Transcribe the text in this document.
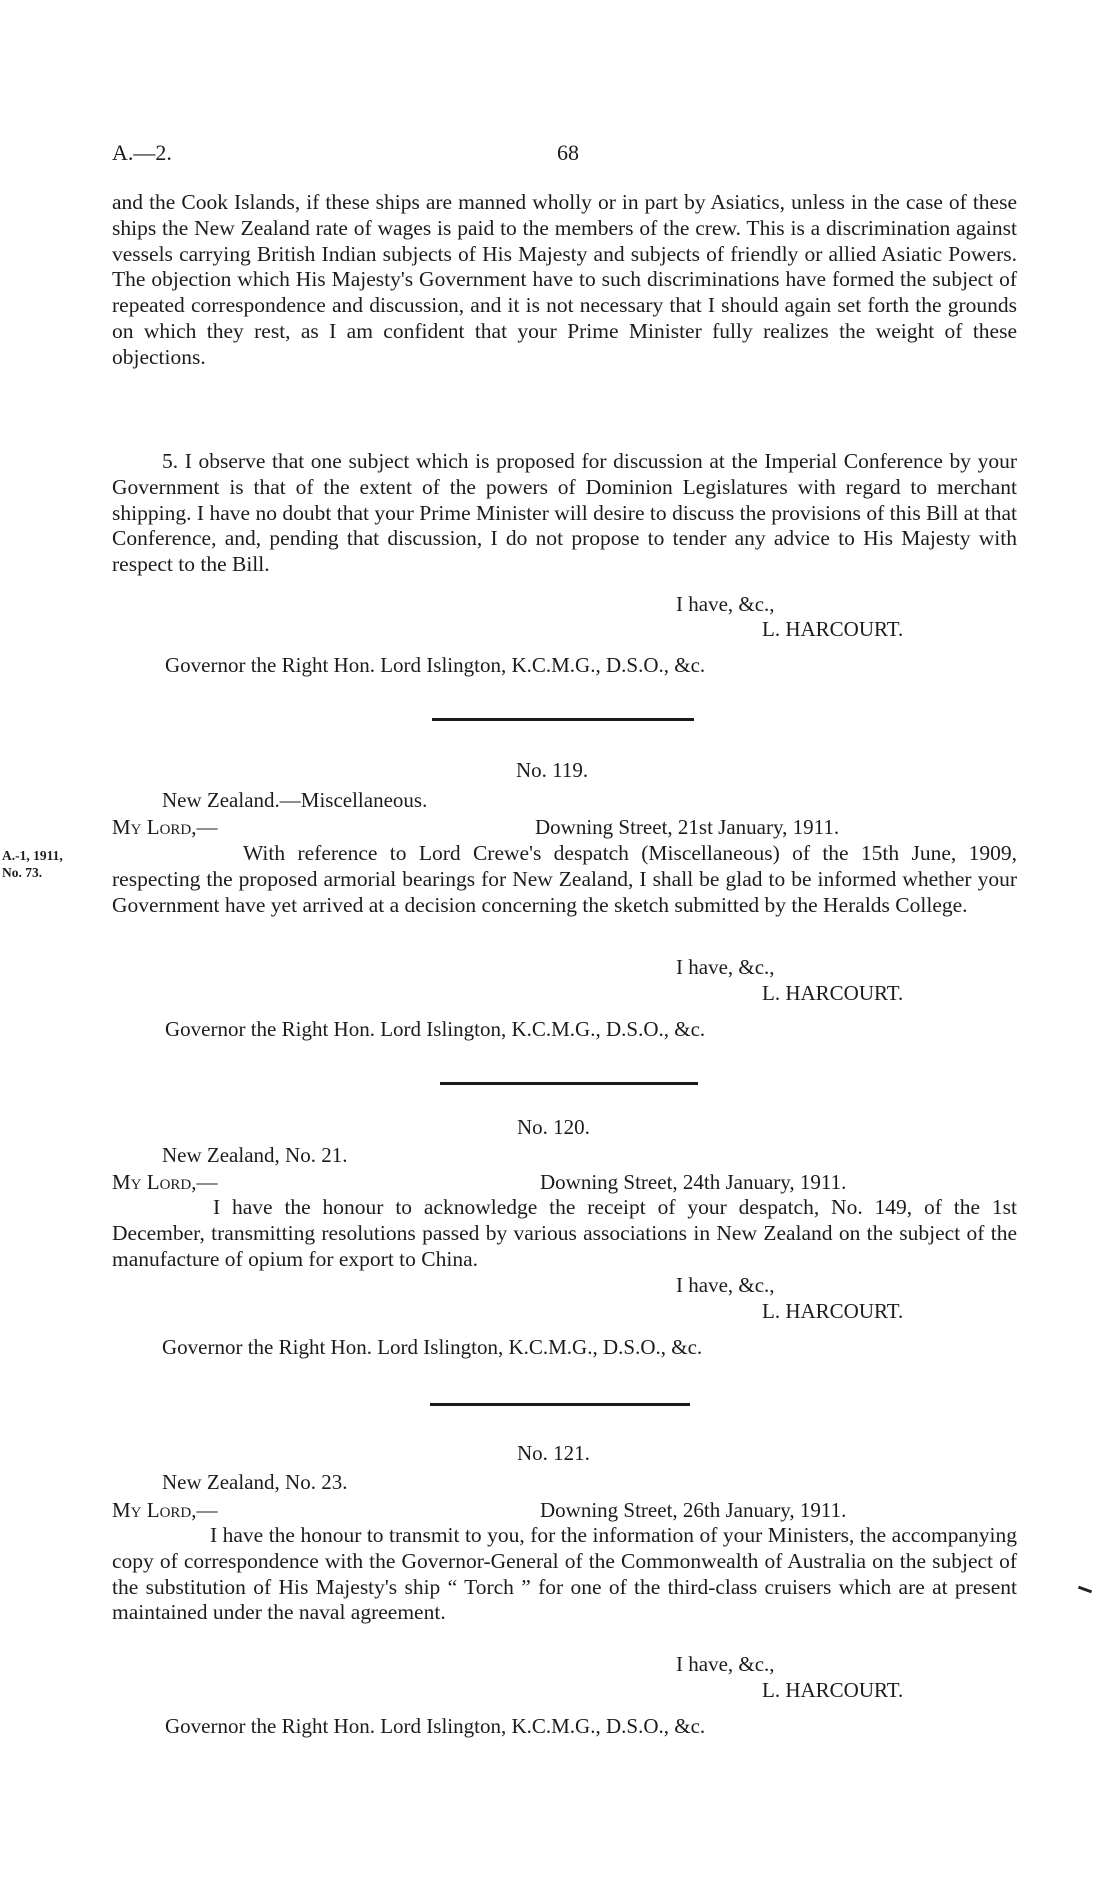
A.—2.	68

and the Cook Islands, if these ships are manned wholly or in part by Asiatics, unless in the case of these ships the New Zealand rate of wages is paid to the members of the crew. This is a discrimination against vessels carrying British Indian subjects of His Majesty and subjects of friendly or allied Asiatic Powers. The objection which His Majesty's Government have to such discriminations have formed the subject of repeated correspondence and discussion, and it is not necessary that I should again set forth the grounds on which they rest, as I am confident that your Prime Minister fully realizes the weight of these objections.

5. I observe that one subject which is proposed for discussion at the Imperial Conference by your Government is that of the extent of the powers of Dominion Legislatures with regard to merchant shipping. I have no doubt that your Prime Minister will desire to discuss the provisions of this Bill at that Conference, and, pending that discussion, I do not propose to tender any advice to His Majesty with respect to the Bill.

I have, &c.,
L. HARCOURT.
Governor the Right Hon. Lord Islington, K.C.M.G., D.S.O., &c.
No. 119.
New Zealand.—Miscellaneous.
My Lord,—	Downing Street, 21st January, 1911.
A.-1, 1911,
No. 73.

With reference to Lord Crewe's despatch (Miscellaneous) of the 15th June, 1909, respecting the proposed armorial bearings for New Zealand, I shall be glad to be informed whether your Government have yet arrived at a decision concerning the sketch submitted by the Heralds College.

I have, &c.,
L. HARCOURT.
Governor the Right Hon. Lord Islington, K.C.M.G., D.S.O., &c.
No. 120.
New Zealand, No. 21.
My Lord,—	Downing Street, 24th January, 1911.

I have the honour to acknowledge the receipt of your despatch, No. 149, of the 1st December, transmitting resolutions passed by various associations in New Zealand on the subject of the manufacture of opium for export to China.

I have, &c.,
L. HARCOURT.
Governor the Right Hon. Lord Islington, K.C.M.G., D.S.O., &c.
No. 121.
New Zealand, No. 23.
My Lord,—	Downing Street, 26th January, 1911.

I have the honour to transmit to you, for the information of your Ministers, the accompanying copy of correspondence with the Governor-General of the Commonwealth of Australia on the subject of the substitution of His Majesty's ship “ Torch ” for one of the third-class cruisers which are at present maintained under the naval agreement.

I have, &c.,
L. HARCOURT.
Governor the Right Hon. Lord Islington, K.C.M.G., D.S.O., &c.
